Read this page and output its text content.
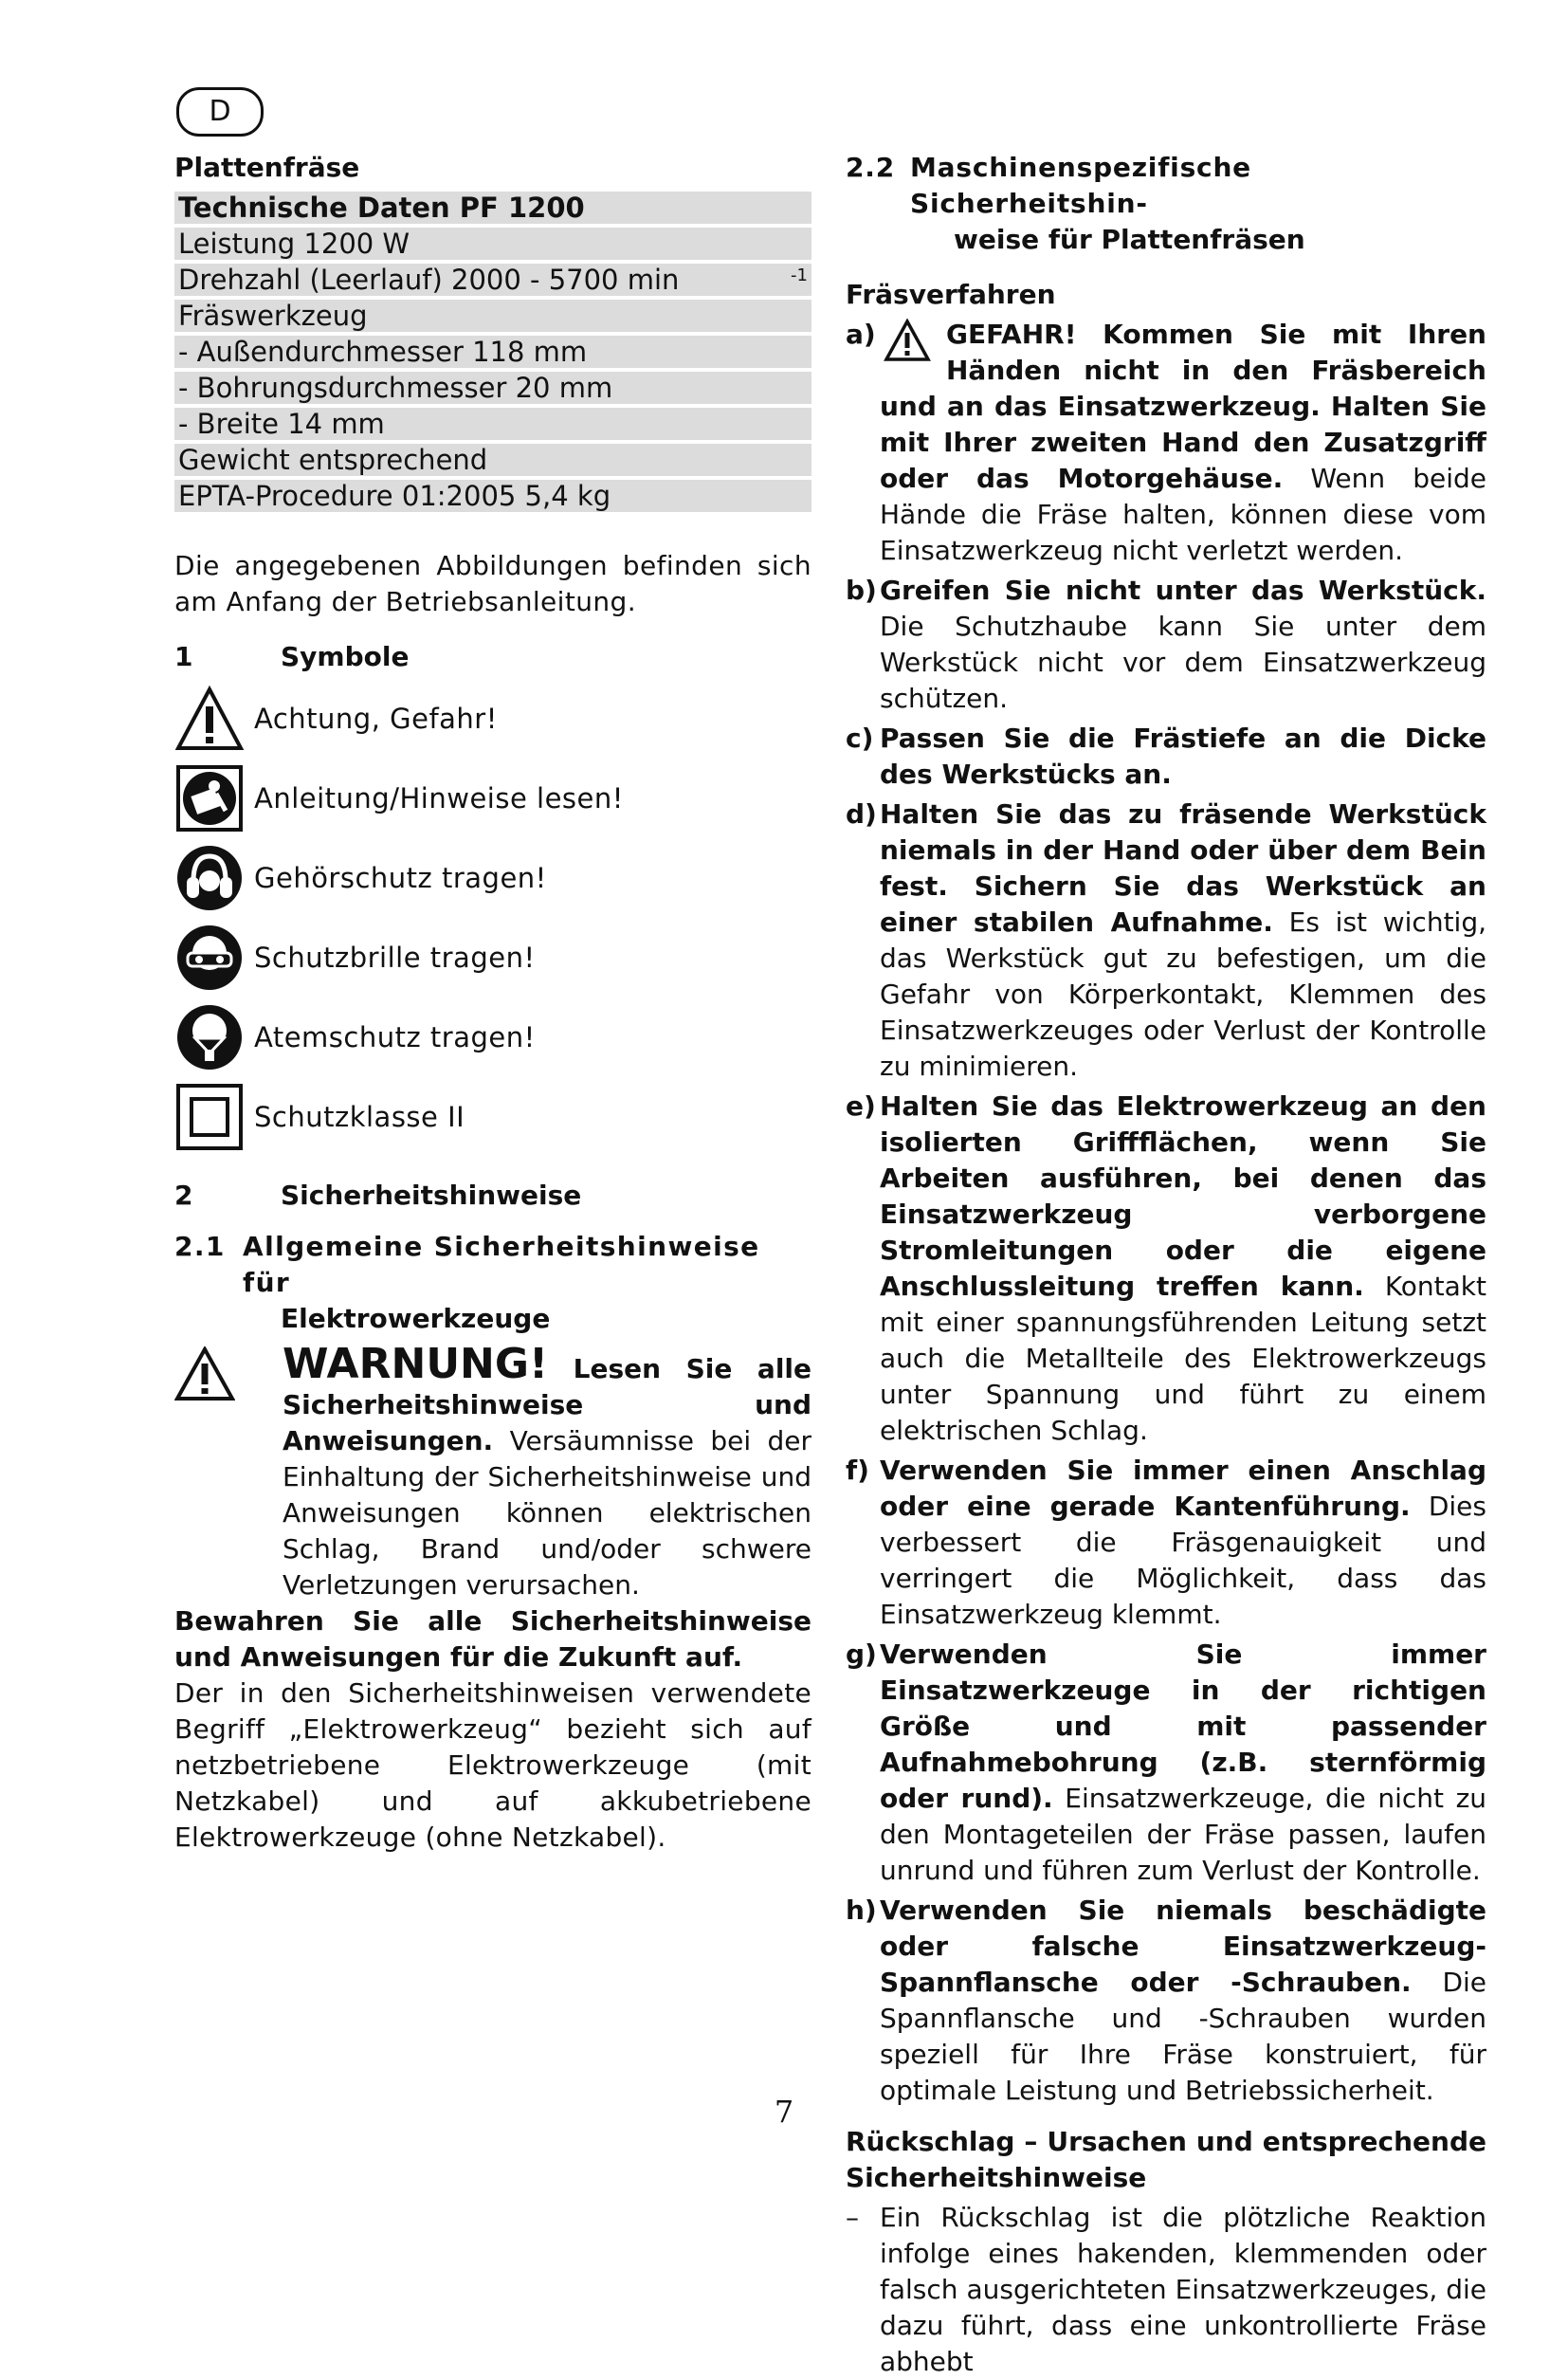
D
Plattenfräse
Technische Daten PF 1200
Leistung 1200 W
Drehzahl (Leerlauf) 2000 - 5700 min	-1
Fräswerkzeug
- Außendurchmesser 118 mm
- Bohrungsdurchmesser 20 mm
- Breite 14 mm
Gewicht entsprechend
EPTA-Procedure 01:2005 5,4 kg
Die angegebenen Abbildungen befinden sich am Anfang der Betriebsanleitung.
1	Symbole
Achtung, Gefahr!
Anleitung/Hinweise lesen!
Gehörschutz tragen!
Schutzbrille tragen!
Atemschutz tragen!
Schutzklasse II
2	Sicherheitshinweise
2.1 Allgemeine Sicherheitshinweise für
Elektrowerkzeuge
WARNUNG! Lesen Sie alle Sicherheitshinweise und Anweisungen. Versäumnisse bei der Einhaltung der Sicherheitshinweise und Anweisungen können elektrischen Schlag, Brand und/oder schwere Verletzungen verursachen.
Bewahren Sie alle Sicherheitshinweise und Anweisungen für die Zukunft auf.
Der in den Sicherheitshinweisen verwendete Begriff „Elektrowerkzeug“ bezieht sich auf netzbetriebene Elektrowerkzeuge (mit Netzkabel) und auf akkubetriebene Elektrowerkzeuge (ohne Netzkabel).
2.2 Maschinenspezifische Sicherheitshin-
weise für Plattenfräsen
Fräsverfahren
a)	GEFAHR! Kommen Sie mit Ihren Händen nicht in den Fräsbereich und an das Einsatzwerkzeug. Halten Sie mit Ihrer zweiten Hand den Zusatzgriff oder das Motorgehäuse. Wenn beide Hände die Fräse halten, können diese vom Einsatzwerkzeug nicht verletzt werden.
b) Greifen Sie nicht unter das Werkstück. Die Schutzhaube kann Sie unter dem Werkstück nicht vor dem Einsatzwerkzeug schützen.
c) Passen Sie die Frästiefe an die Dicke des Werkstücks an.
d) Halten Sie das zu fräsende Werkstück niemals in der Hand oder über dem Bein fest. Sichern Sie das Werkstück an einer stabilen Aufnahme. Es ist wichtig, das Werkstück gut zu befestigen, um die Gefahr von Körperkontakt, Klemmen des Einsatzwerkzeuges oder Verlust der Kontrolle zu minimieren.
e) Halten Sie das Elektrowerkzeug an den isolierten Griffflächen, wenn Sie Arbeiten ausführen, bei denen das Einsatzwerkzeug verborgene Stromleitungen oder die eigene Anschlussleitung treffen kann. Kontakt mit einer spannungsführenden Leitung setzt auch die Metallteile des Elektrowerkzeugs unter Spannung und führt zu einem elektrischen Schlag.
f) Verwenden Sie immer einen Anschlag oder eine gerade Kantenführung. Dies verbessert die Fräsgenauigkeit und verringert die Möglichkeit, dass das Einsatzwerkzeug klemmt.
g) Verwenden Sie immer Einsatzwerkzeuge in der richtigen Größe und mit passender Aufnahmebohrung (z.B. sternförmig oder rund). Einsatzwerkzeuge, die nicht zu den Montageteilen der Fräse passen, laufen unrund und führen zum Verlust der Kontrolle.
h) Verwenden Sie niemals beschädigte oder falsche Einsatzwerkzeug-Spannflansche oder -Schrauben. Die Spannflansche und -Schrauben wurden speziell für Ihre Fräse konstruiert, für optimale Leistung und Betriebssicherheit.
Rückschlag – Ursachen und entsprechende Sicherheitshinweise
– Ein Rückschlag ist die plötzliche Reaktion infolge eines hakenden, klemmenden oder falsch ausgerichteten Einsatzwerkzeuges, die dazu führt, dass eine unkontrollierte Fräse abhebt
7
